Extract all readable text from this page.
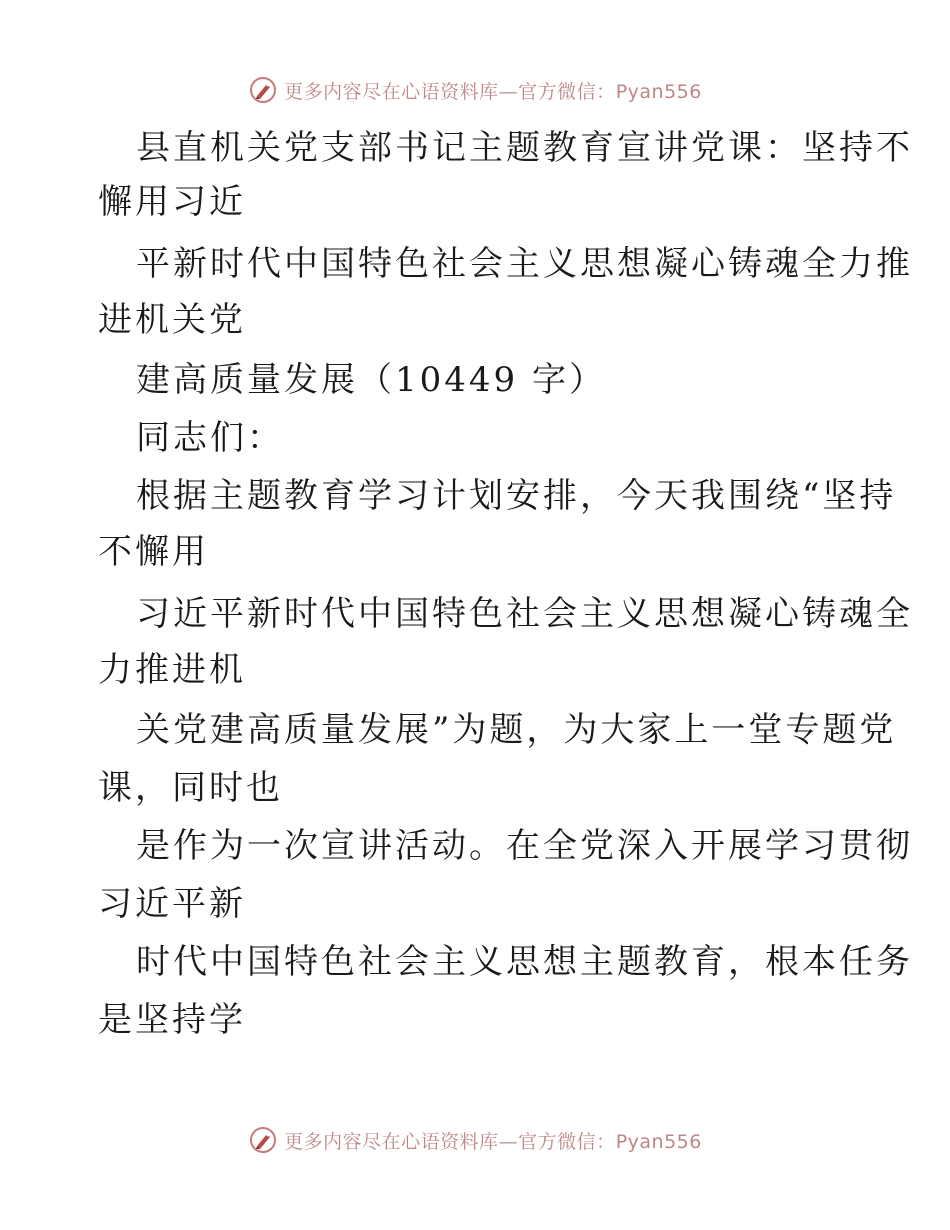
更多内容尽在心语资料库—官方微信：Pyan556
县直机关党支部书记主题教育宣讲党课：坚持不
懈用习近
平新时代中国特色社会主义思想凝心铸魂全力推
进机关党
建高质量发展（10449 字）
同志们：
根据主题教育学习计划安排，今天我围绕“坚持
不懈用
习近平新时代中国特色社会主义思想凝心铸魂全
力推进机
关党建高质量发展”为题，为大家上一堂专题党
课，同时也
是作为一次宣讲活动。在全党深入开展学习贯彻
习近平新
时代中国特色社会主义思想主题教育，根本任务
是坚持学
更多内容尽在心语资料库—官方微信：Pyan556
